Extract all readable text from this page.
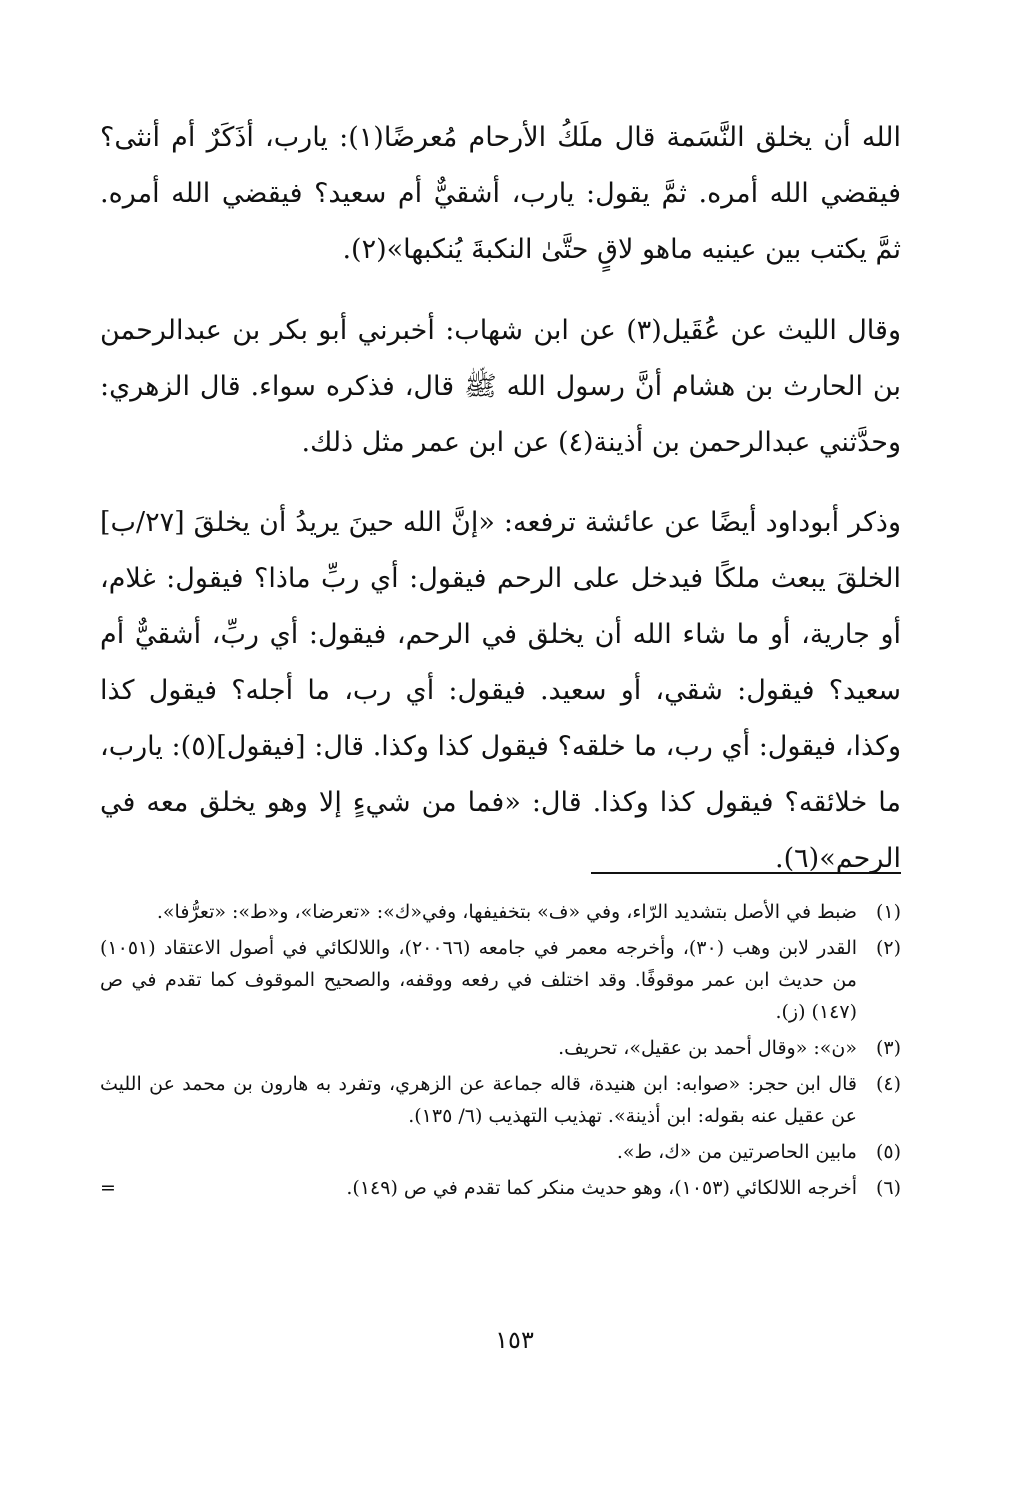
الله أن يخلق النَّسَمة قال ملَكُ الأرحام مُعرضًا(١): يارب، أذَكَرٌ أم أنثى؟ فيقضي الله أمره. ثمَّ يقول: يارب، أشقيٌّ أم سعيد؟ فيقضي الله أمره. ثمَّ يكتب بين عينيه ماهو لاقٍ حتَّىٰ النكبةَ يُنكبها»(٢).
وقال الليث عن عُقَيل(٣) عن ابن شهاب: أخبرني أبو بكر بن عبدالرحمن بن الحارث بن هشام أنَّ رسول الله ﷺ قال، فذكره سواء. قال الزهري: وحدَّثني عبدالرحمن بن أذينة(٤) عن ابن عمر مثل ذلك.
وذكر أبوداود أيضًا عن عائشة ترفعه: «إنَّ الله حينَ يريدُ أن يخلقَ [٢٧/ب] الخلقَ يبعث ملكًا فيدخل على الرحم فيقول: أي ربِّ ماذا؟ فيقول: غلام، أو جارية، أو ما شاء الله أن يخلق في الرحم، فيقول: أي ربِّ، أشقيٌّ أم سعيد؟ فيقول: شقي، أو سعيد. فيقول: أي رب، ما أجله؟ فيقول كذا وكذا، فيقول: أي رب، ما خلقه؟ فيقول كذا وكذا. قال: [فيقول](٥): يارب، ما خلائقه؟ فيقول كذا وكذا. قال: «فما من شيءٍ إلا وهو يخلق معه في الرحم»(٦).
(١)
ضبط في الأصل بتشديد الرّاء، وفي «ف» بتخفيفها، وفي«ك»: «تعرضا»، و«ط»: «تعرُّفا».
(٢)
القدر لابن وهب (٣٠)، وأخرجه معمر في جامعه (٢٠٠٦٦)، واللالكائي في أصول الاعتقاد (١٠٥١) من حديث ابن عمر موقوفًا. وقد اختلف في رفعه ووقفه، والصحيح الموقوف كما تقدم في ص (١٤٧) (ز).
(٣)
«ن»: «وقال أحمد بن عقيل»، تحريف.
(٤)
قال ابن حجر: «صوابه: ابن هنيدة، قاله جماعة عن الزهري، وتفرد به هارون بن محمد عن الليث عن عقيل عنه بقوله: ابن أذينة». تهذيب التهذيب (٦/ ١٣٥).
(٥)
مابين الحاصرتين من «ك، ط».
(٦)
أخرجه اللالكائي (١٠٥٣)، وهو حديث منكر كما تقدم في ص (١٤٩).
=
١٥٣
